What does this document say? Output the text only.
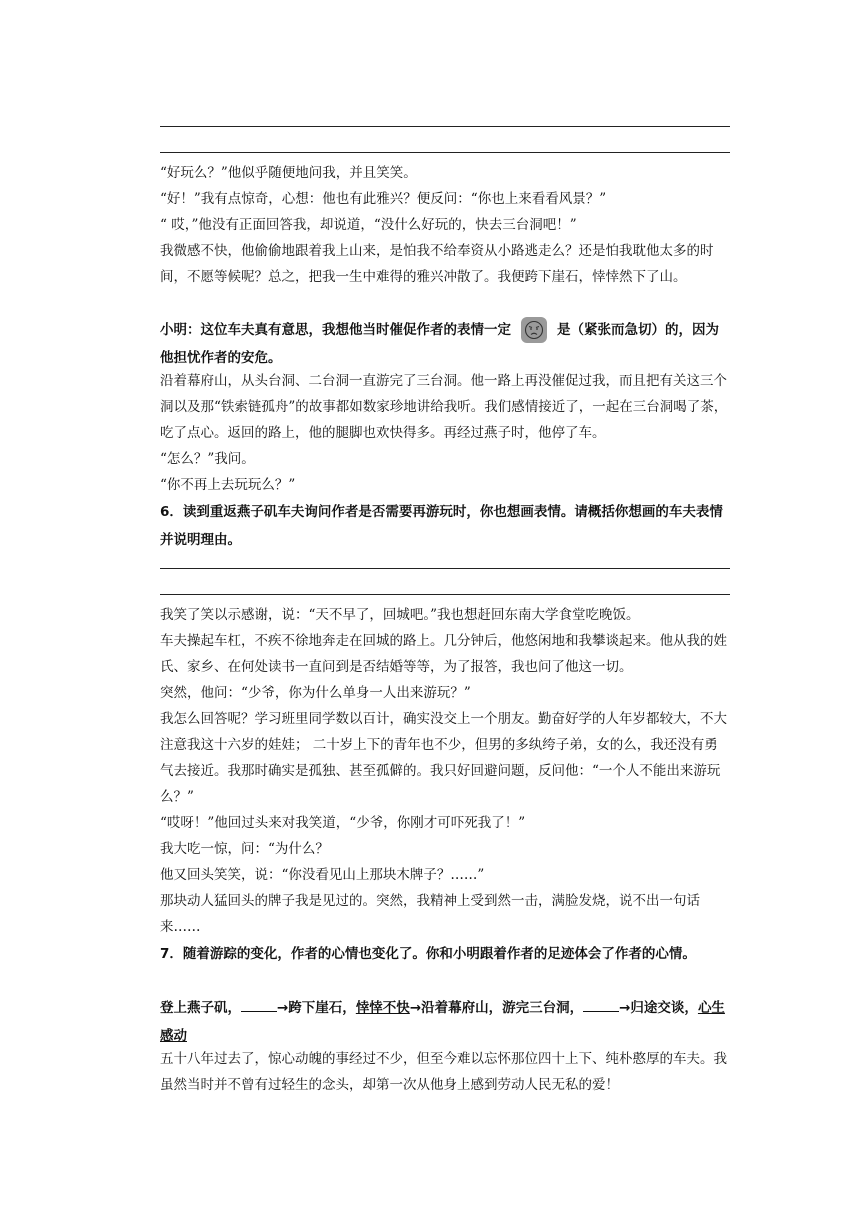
“好玩么？”他似乎随便地问我，并且笑笑。
“好！”我有点惊奇，心想：他也有此雅兴？便反问：“你也上来看看风景？”
“ 哎，”他没有正面回答我，却说道，“没什么好玩的，快去三台洞吧！”
我微感不快，他偷偷地跟着我上山来，是怕我不给奉资从小路逃走么？还是怕我耽他太多的时间，不愿等候呢？总之，把我一生中难得的雅兴冲散了。我便跨下崖石，悻悻然下了山。
小明：这位车夫真有意思，我想他当时催促作者的表情一定	是（紧张而急切）的，因为他担忧作者的安危。
沿着幕府山，从头台洞、二台洞一直游完了三台洞。他一路上再没催促过我，而且把有关这三个洞以及那“铁索链孤舟”的故事都如数家珍地讲给我听。我们感情接近了，一起在三台洞喝了茶，吃了点心。返回的路上，他的腿脚也欢快得多。再经过燕子时，他停了车。
“怎么？”我问。
“你不再上去玩玩么？”
6．读到重返燕子矶车夫询问作者是否需要再游玩时，你也想画表情。请概括你想画的车夫表情并说明理由。
我笑了笑以示感谢，说：“天不早了，回城吧。”我也想赶回东南大学食堂吃晚饭。
车夫操起车杠，不疾不徐地奔走在回城的路上。几分钟后，他悠闲地和我攀谈起来。他从我的姓氏、家乡、在何处读书一直问到是否结婚等等，为了报答，我也问了他这一切。
突然，他问：“少爷，你为什么单身一人出来游玩？”
我怎么回答呢？学习班里同学数以百计，确实没交上一个朋友。勤奋好学的人年岁都较大，不大注意我这十六岁的娃娃； 二十岁上下的青年也不少，但男的多纨绔子弟，女的么，我还没有勇气去接近。我那时确实是孤独、甚至孤僻的。我只好回避问题，反问他：“一个人不能出来游玩么？”
“哎呀！”他回过头来对我笑道，“少爷，你刚才可吓死我了！”
我大吃一惊，问：“为什么？
他又回头笑笑，说：“你没看见山上那块木牌子？……”
那块动人猛回头的牌子我是见过的。突然，我精神上受到然一击，满脸发烧，说不出一句话来……
7．随着游踪的变化，作者的心情也变化了。你和小明跟着作者的足迹体会了作者的心情。
登上燕子矶，	→跨下崖石，悻悻不快→沿着幕府山，游完三台洞，	→归途交谈，心生感动
五十八年过去了，惊心动魄的事经过不少，但至今难以忘怀那位四十上下、纯朴憨厚的车夫。我虽然当时并不曾有过轻生的念头，却第一次从他身上感到劳动人民无私的爱！
